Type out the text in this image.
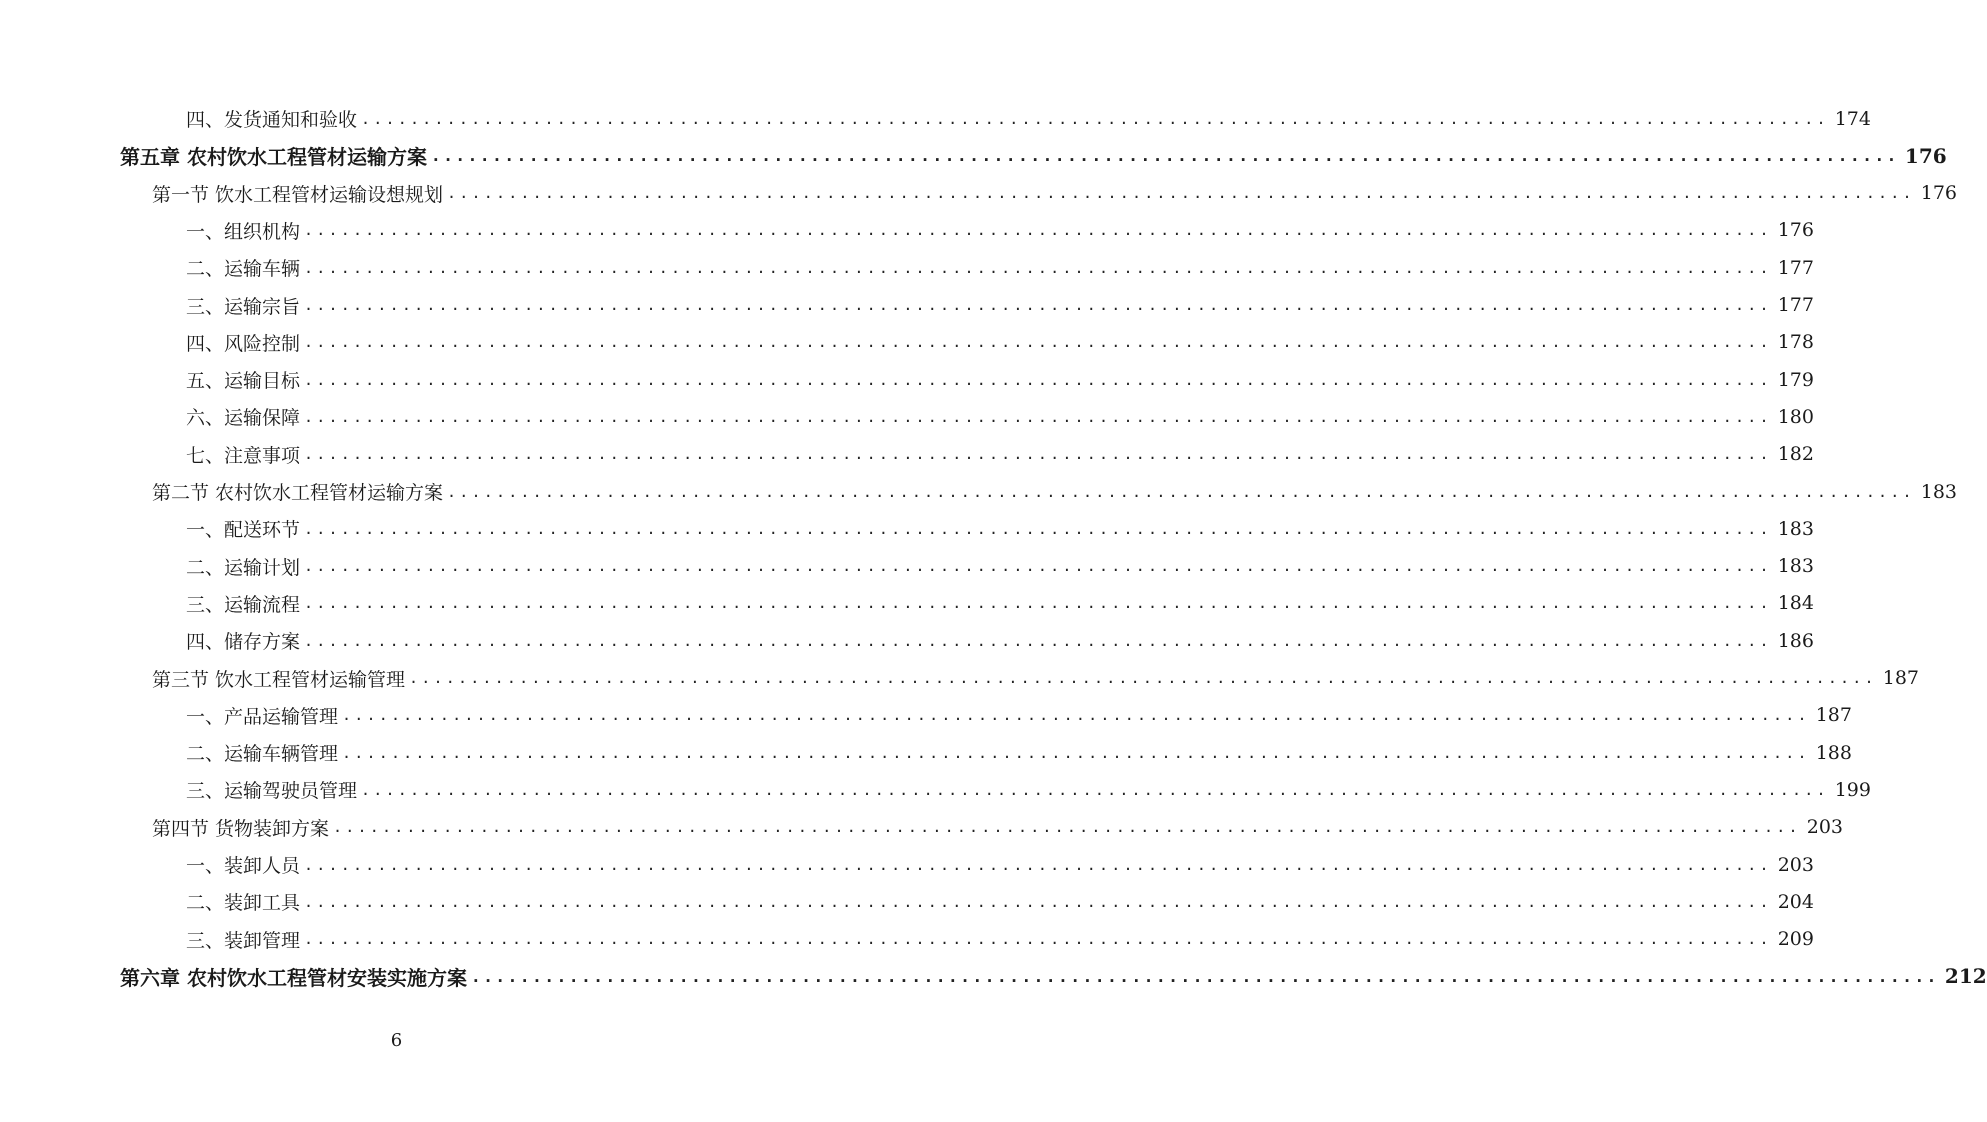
四、发货通知和验收 ........................................................................................................................ 174
第五章 农村饮水工程管材运输方案 ........................................................................................................................ 176
第一节 饮水工程管材运输设想规划 ........................................................................................................................ 176
一、组织机构 ........................................................................................................................ 176
二、运输车辆 ........................................................................................................................ 177
三、运输宗旨 ........................................................................................................................ 177
四、风险控制 ........................................................................................................................ 178
五、运输目标 ........................................................................................................................ 179
六、运输保障 ........................................................................................................................ 180
七、注意事项 ........................................................................................................................ 182
第二节 农村饮水工程管材运输方案 ........................................................................................................................ 183
一、配送环节 ........................................................................................................................ 183
二、运输计划 ........................................................................................................................ 183
三、运输流程 ........................................................................................................................ 184
四、储存方案 ........................................................................................................................ 186
第三节 饮水工程管材运输管理 ........................................................................................................................ 187
一、产品运输管理 ........................................................................................................................ 187
二、运输车辆管理 ........................................................................................................................ 188
三、运输驾驶员管理 ........................................................................................................................ 199
第四节 货物装卸方案 ........................................................................................................................ 203
一、装卸人员 ........................................................................................................................ 203
二、装卸工具 ........................................................................................................................ 204
三、装卸管理 ........................................................................................................................ 209
第六章 农村饮水工程管材安装实施方案 ........................................................................................................................ 212
6
